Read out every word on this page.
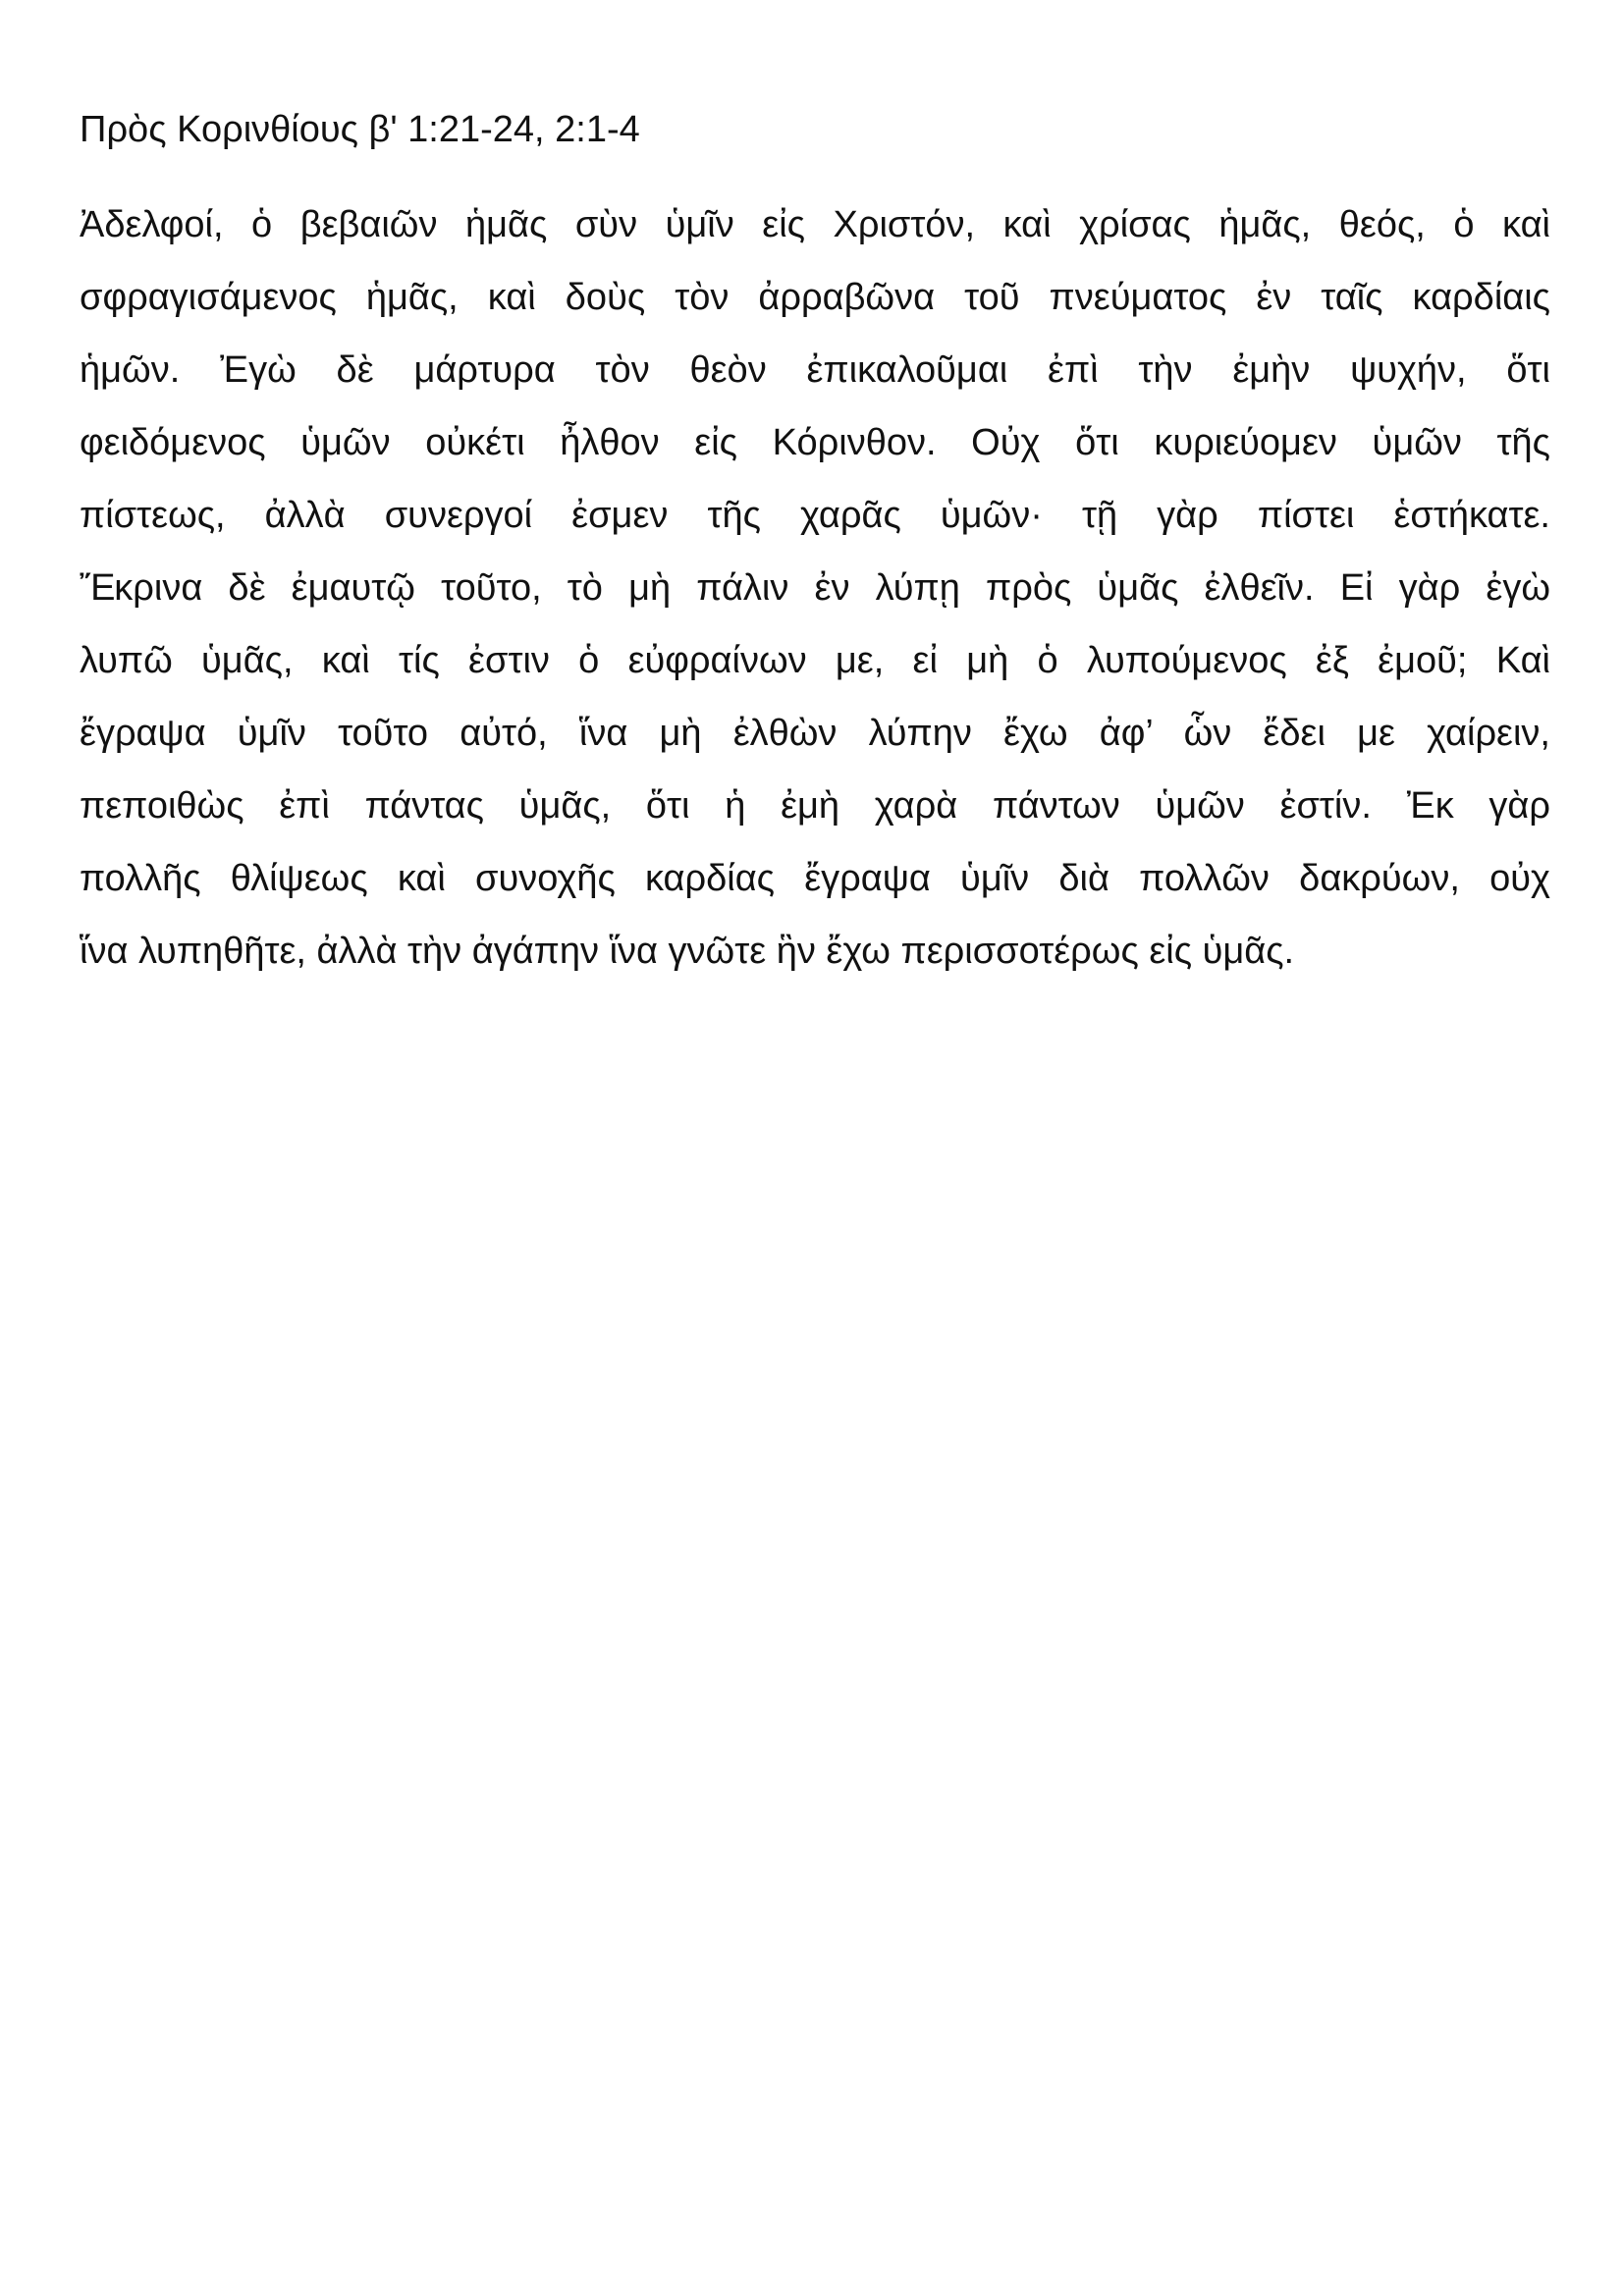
Πρὸς Κορινθίους β' 1:21-24, 2:1-4
Ἀδελφοί, ὁ βεβαιῶν ἡμᾶς σὺν ὑμῖν εἰς Χριστόν, καὶ χρίσας ἡμᾶς, θεός, ὁ καὶ
σφραγισάμενος ἡμᾶς, καὶ δοὺς τὸν ἀρραβῶνα τοῦ πνεύματος ἐν ταῖς καρδίαις
ἡμῶν. Ἐγὼ δὲ μάρτυρα τὸν θεὸν ἐπικαλοῦμαι ἐπὶ τὴν ἐμὴν ψυχήν, ὅτι
φειδόμενος ὑμῶν οὐκέτι ἦλθον εἰς Κόρινθον. Οὐχ ὅτι κυριεύομεν ὑμῶν τῆς
πίστεως, ἀλλὰ συνεργοί ἐσμεν τῆς χαρᾶς ὑμῶν· τῇ γὰρ πίστει ἑστήκατε.
Ἔκρινα δὲ ἐμαυτῷ τοῦτο, τὸ μὴ πάλιν ἐν λύπῃ πρὸς ὑμᾶς ἐλθεῖν. Εἰ γὰρ ἐγὼ
λυπῶ ὑμᾶς, καὶ τίς ἐστιν ὁ εὐφραίνων με, εἰ μὴ ὁ λυπούμενος ἐξ ἐμοῦ; Καὶ
ἔγραψα ὑμῖν τοῦτο αὐτό, ἵνα μὴ ἐλθὼν λύπην ἔχω ἀφ’ ὧν ἔδει με χαίρειν,
πεποιθὼς ἐπὶ πάντας ὑμᾶς, ὅτι ἡ ἐμὴ χαρὰ πάντων ὑμῶν ἐστίν. Ἐκ γὰρ
πολλῆς θλίψεως καὶ συνοχῆς καρδίας ἔγραψα ὑμῖν διὰ πολλῶν δακρύων, οὐχ
ἵνα λυπηθῆτε, ἀλλὰ τὴν ἀγάπην ἵνα γνῶτε ἣν ἔχω περισσοτέρως εἰς ὑμᾶς.
